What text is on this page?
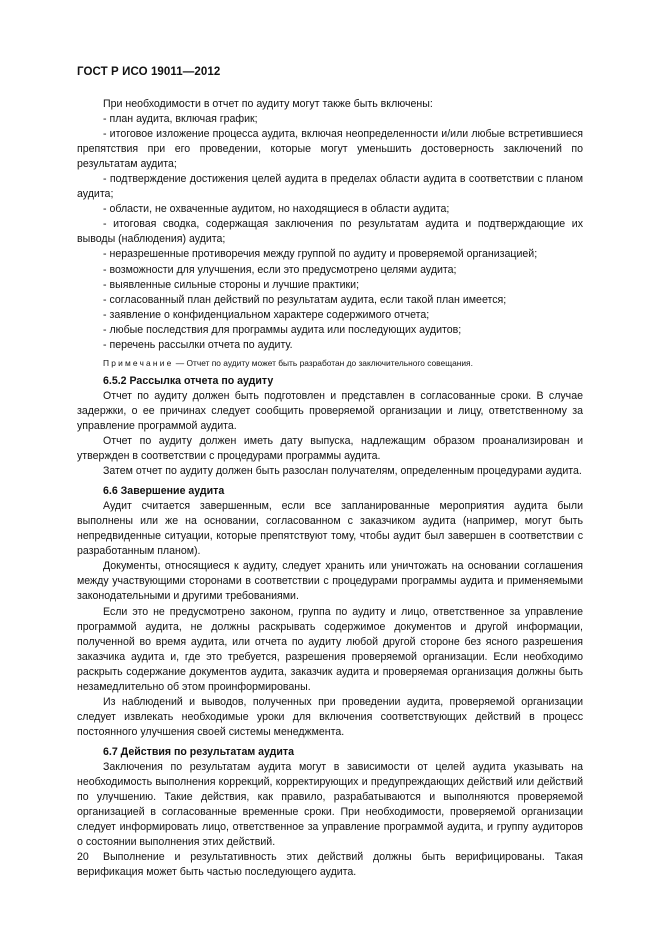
ГОСТ Р ИСО 19011—2012

При необходимости в отчет по аудиту могут также быть включены:

- план аудита, включая график;

- итоговое изложение процесса аудита, включая неопределенности и/или любые встретившиеся препятствия при его проведении, которые могут уменьшить достоверность заключений по результатам аудита;

- подтверждение достижения целей аудита в пределах области аудита в соответствии с планом аудита;

- области, не охваченные аудитом, но находящиеся в области аудита;

- итоговая сводка, содержащая заключения по результатам аудита и подтверждающие их выводы (наблюдения) аудита;

- неразрешенные противоречия между группой по аудиту и проверяемой организацией;

- возможности для улучшения, если это предусмотрено целями аудита;

- выявленные сильные стороны и лучшие практики;

- согласованный план действий по результатам аудита, если такой план имеется;

- заявление о конфиденциальном характере содержимого отчета;

- любые последствия для программы аудита или последующих аудитов;

- перечень рассылки отчета по аудиту.

Примечание — Отчет по аудиту может быть разработан до заключительного совещания.

6.5.2 Рассылка отчета по аудиту

Отчет по аудиту должен быть подготовлен и представлен в согласованные сроки. В случае задержки, о ее причинах следует сообщить проверяемой организации и лицу, ответственному за управление программой аудита.

Отчет по аудиту должен иметь дату выпуска, надлежащим образом проанализирован и утвержден в соответствии с процедурами программы аудита.

Затем отчет по аудиту должен быть разослан получателям, определенным процедурами аудита.

6.6 Завершение аудита

Аудит считается завершенным, если все запланированные мероприятия аудита были выполнены или же на основании, согласованном с заказчиком аудита (например, могут быть непредвиденные ситуации, которые препятствуют тому, чтобы аудит был завершен в соответствии с разработанным планом).

Документы, относящиеся к аудиту, следует хранить или уничтожать на основании соглашения между участвующими сторонами в соответствии с процедурами программы аудита и применяемыми законодательными и другими требованиями.

Если это не предусмотрено законом, группа по аудиту и лицо, ответственное за управление программой аудита, не должны раскрывать содержимое документов и другой информации, полученной во время аудита, или отчета по аудиту любой другой стороне без ясного разрешения заказчика аудита и, где это требуется, разрешения проверяемой организации. Если необходимо раскрыть содержание документов аудита, заказчик аудита и проверяемая организация должны быть незамедлительно об этом проинформированы.

Из наблюдений и выводов, полученных при проведении аудита, проверяемой организации следует извлекать необходимые уроки для включения соответствующих действий в процесс постоянного улучшения своей системы менеджмента.

6.7 Действия по результатам аудита

Заключения по результатам аудита могут в зависимости от целей аудита указывать на необходимость выполнения коррекций, корректирующих и предупреждающих действий или действий по улучшению. Такие действия, как правило, разрабатываются и выполняются проверяемой организацией в согласованные временные сроки. При необходимости, проверяемой организации следует информировать лицо, ответственное за управление программой аудита, и группу аудиторов о состоянии выполнения этих действий.

Выполнение и результативность этих действий должны быть верифицированы. Такая верификация может быть частью последующего аудита.

20
